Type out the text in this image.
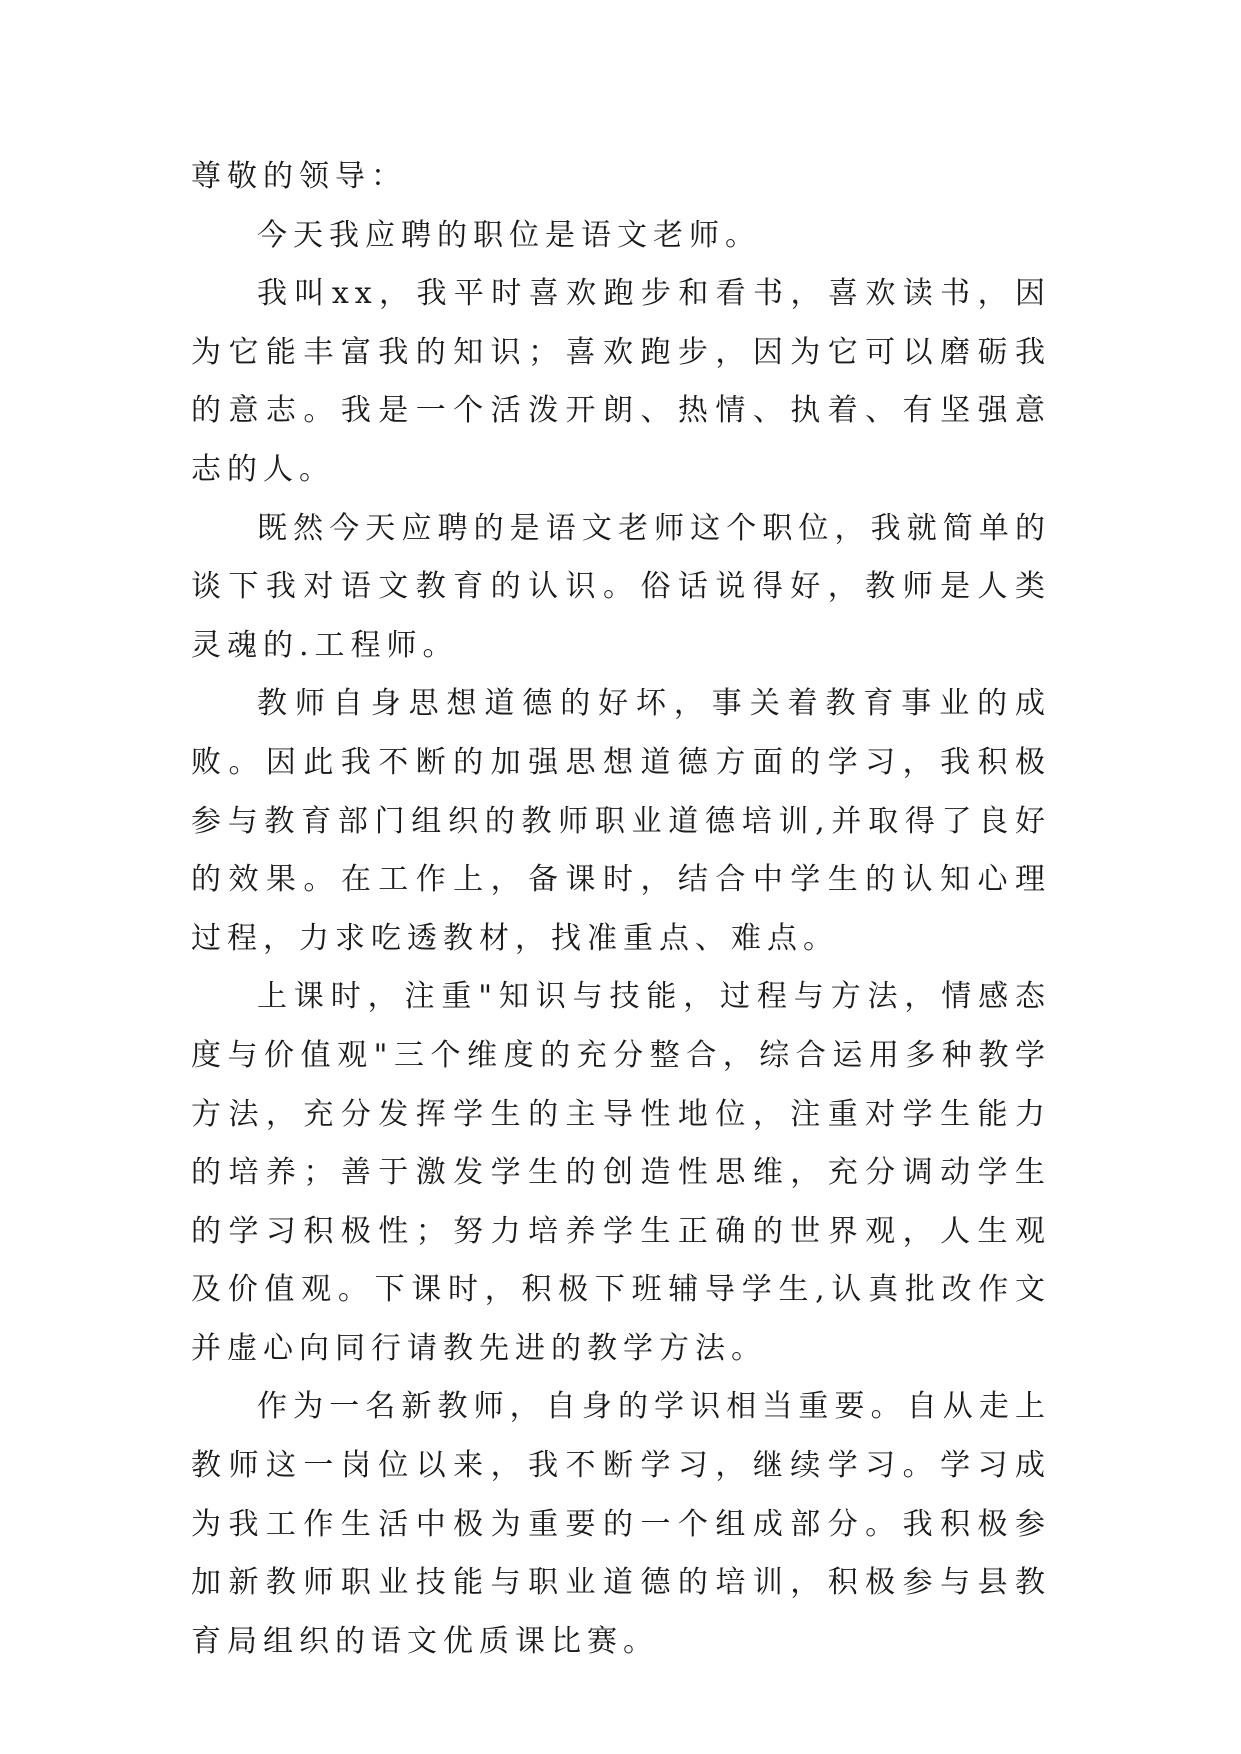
尊敬的领导：

今天我应聘的职位是语文老师。

我叫xx，我平时喜欢跑步和看书，喜欢读书，因为它能丰富我的知识；喜欢跑步，因为它可以磨砺我的意志。我是一个活泼开朗、热情、执着、有坚强意志的人。

既然今天应聘的是语文老师这个职位，我就简单的谈下我对语文教育的认识。俗话说得好，教师是人类灵魂的.工程师。

教师自身思想道德的好坏，事关着教育事业的成败。因此我不断的加强思想道德方面的学习，我积极参与教育部门组织的教师职业道德培训,并取得了良好的效果。在工作上，备课时，结合中学生的认知心理过程，力求吃透教材，找准重点、难点。

上课时，注重"知识与技能，过程与方法，情感态度与价值观"三个维度的充分整合，综合运用多种教学方法，充分发挥学生的主导性地位，注重对学生能力的培养；善于激发学生的创造性思维，充分调动学生的学习积极性；努力培养学生正确的世界观，人生观及价值观。下课时，积极下班辅导学生,认真批改作文并虚心向同行请教先进的教学方法。

作为一名新教师，自身的学识相当重要。自从走上教师这一岗位以来，我不断学习，继续学习。学习成为我工作生活中极为重要的一个组成部分。我积极参加新教师职业技能与职业道德的培训，积极参与县教育局组织的语文优质课比赛。
